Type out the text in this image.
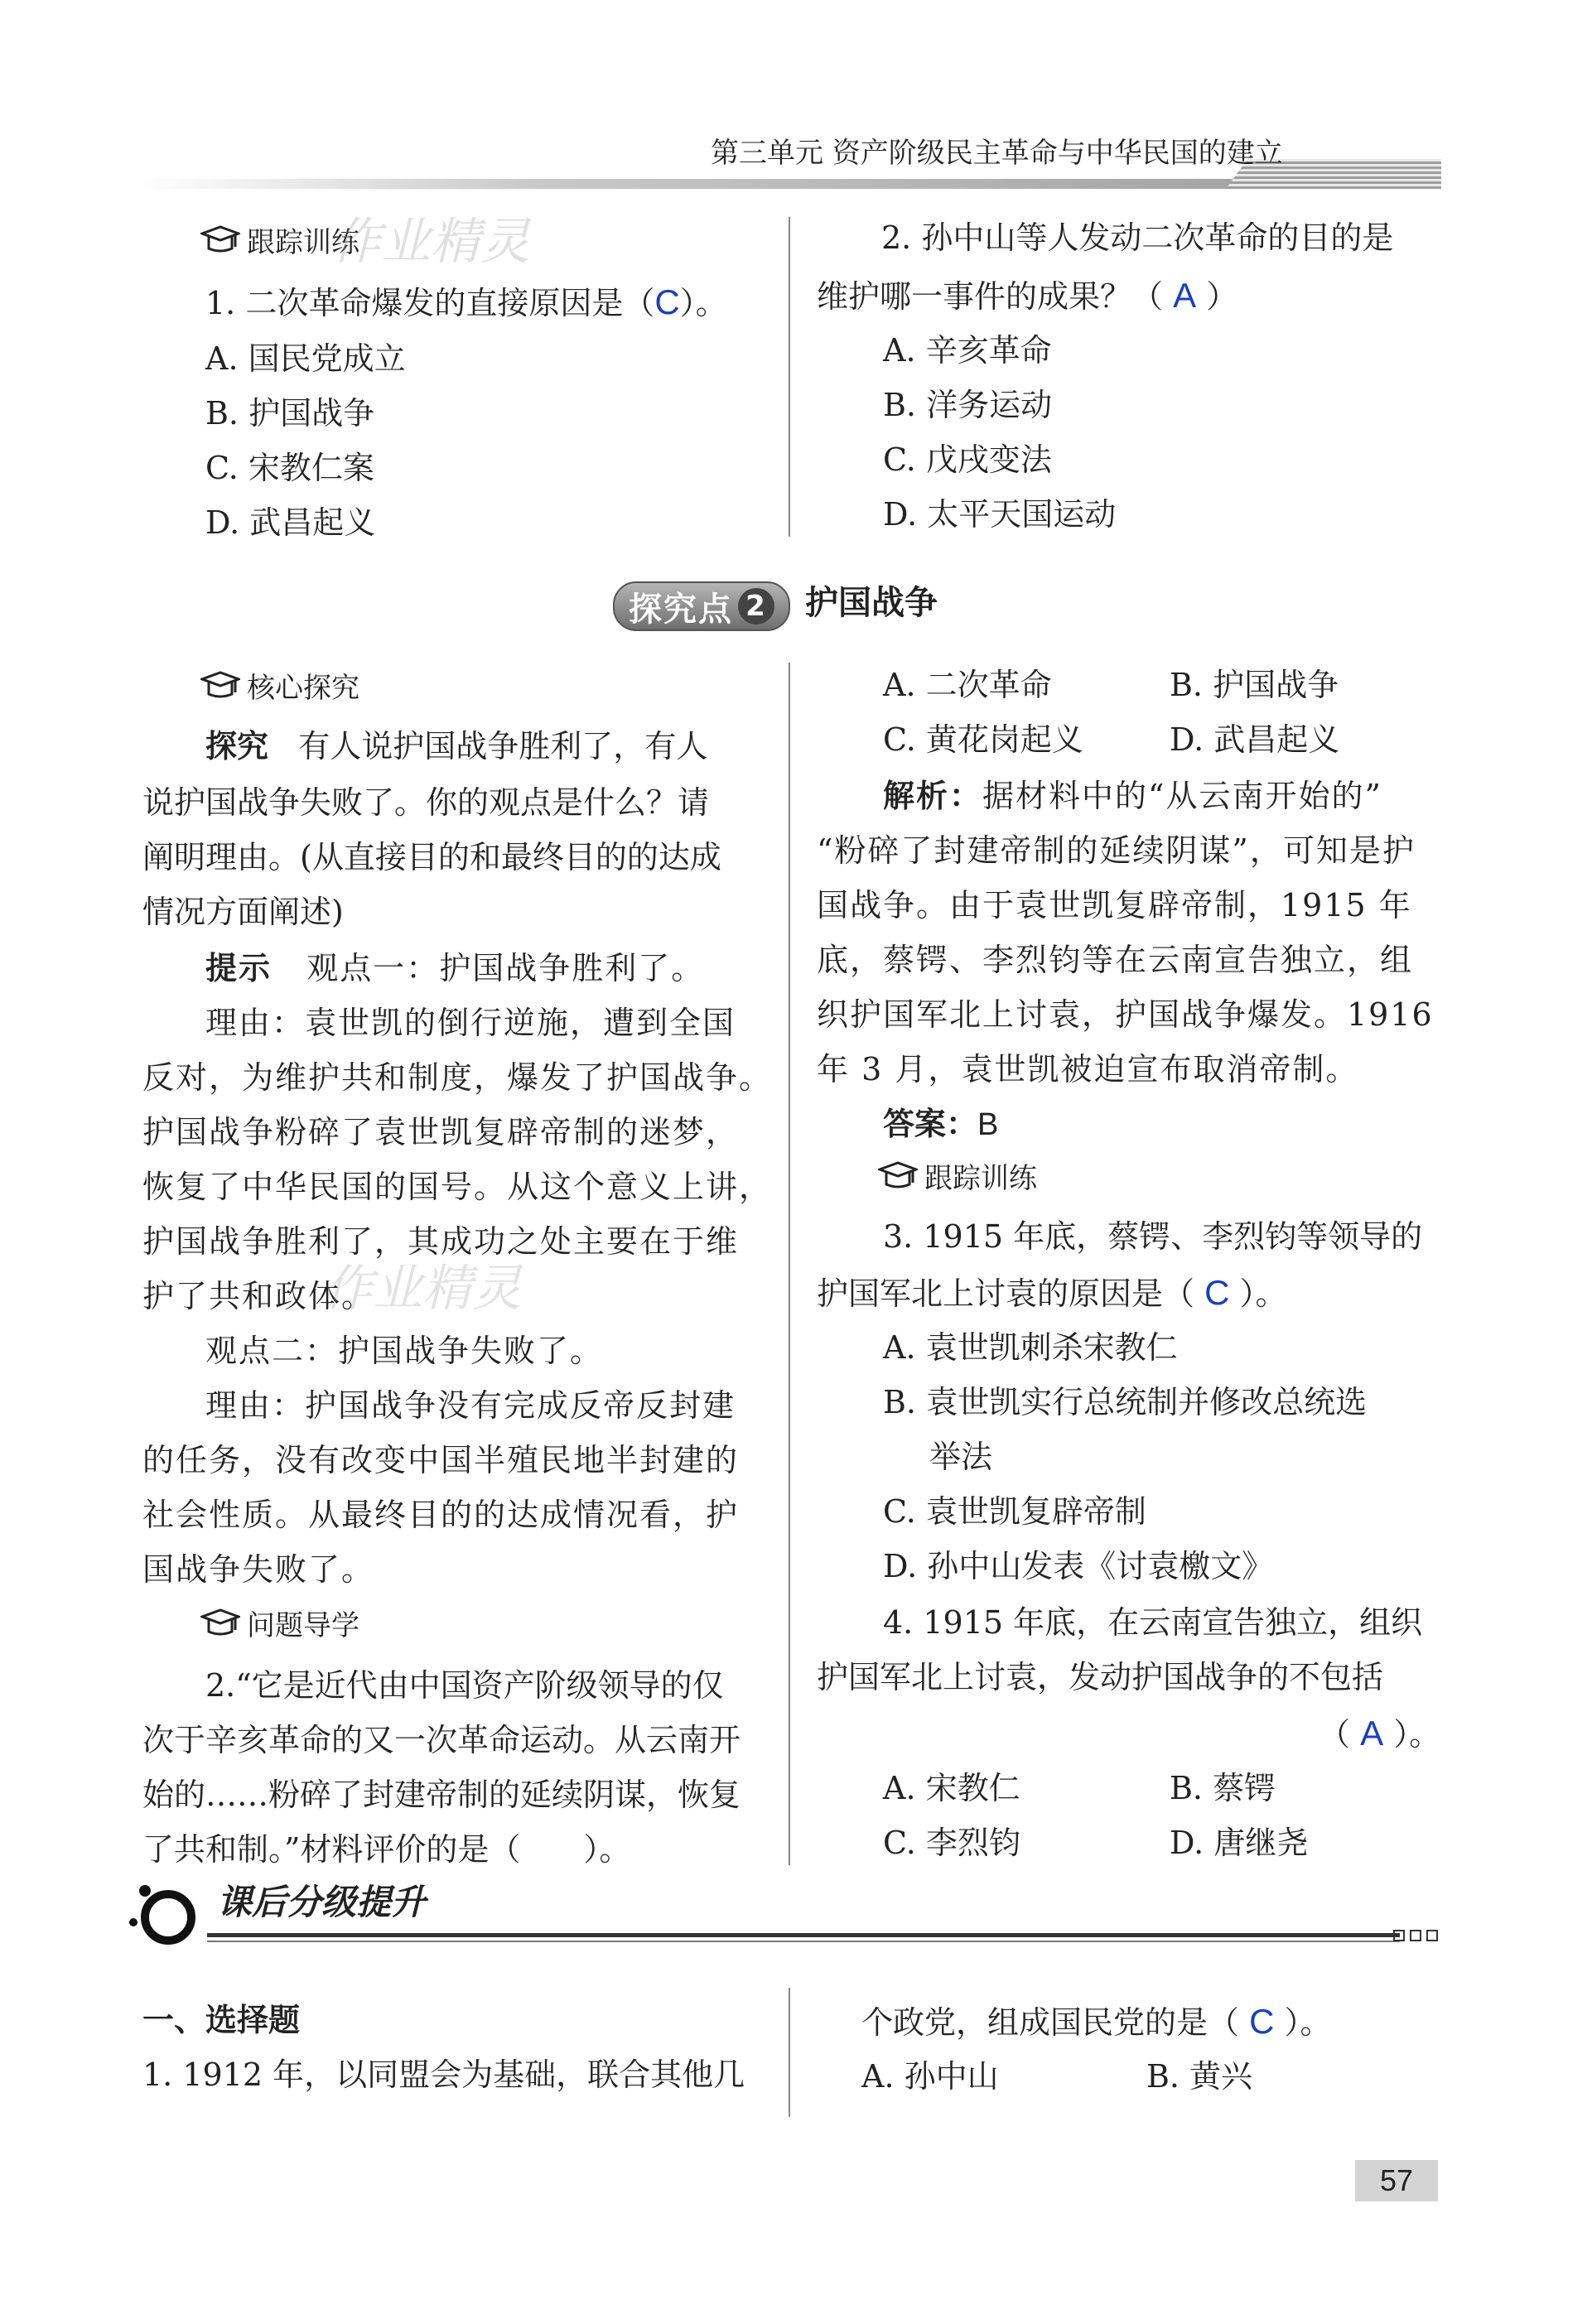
第三单元 资产阶级民主革命与中华民国的建立
跟踪训练
作业精灵
1. 二次革命爆发的直接原因是（C）。
A. 国民党成立
B. 护国战争
C. 宋教仁案
D. 武昌起义
2. 孙中山等人发动二次革命的目的是
维护哪一事件的成果？（ A ）
A. 辛亥革命
B. 洋务运动
C. 戊戌变法
D. 太平天国运动
探究点 2 护国战争
核心探究
探究 有人说护国战争胜利了，有人
说护国战争失败了。你的观点是什么？请
阐明理由。(从直接目的和最终目的的达成
情况方面阐述)
提示 观点一：护国战争胜利了。
理由：袁世凯的倒行逆施，遭到全国
反对，为维护共和制度，爆发了护国战争。
护国战争粉碎了袁世凯复辟帝制的迷梦，
恢复了中华民国的国号。从这个意义上讲，
护国战争胜利了，其成功之处主要在于维
护了共和政体。
作业精灵
观点二：护国战争失败了。
理由：护国战争没有完成反帝反封建
的任务，没有改变中国半殖民地半封建的
社会性质。从最终目的的达成情况看，护
国战争失败了。
问题导学
2.“它是近代由中国资产阶级领导的仅
次于辛亥革命的又一次革命运动。从云南开
始的……粉碎了封建帝制的延续阴谋，恢复
了共和制。”材料评价的是（　　）。
A. 二次革命	B. 护国战争
C. 黄花岗起义	D. 武昌起义
解析：据材料中的“从云南开始的”
“粉碎了封建帝制的延续阴谋”，可知是护
国战争。由于袁世凯复辟帝制，1915 年
底，蔡锷、李烈钧等在云南宣告独立，组
织护国军北上讨袁，护国战争爆发。1916
年 3 月，袁世凯被迫宣布取消帝制。
答案：B
跟踪训练
3. 1915 年底，蔡锷、李烈钧等领导的
护国军北上讨袁的原因是（ C ）。
A. 袁世凯刺杀宋教仁
B. 袁世凯实行总统制并修改总统选
举法
C. 袁世凯复辟帝制
D. 孙中山发表《讨袁檄文》
4. 1915 年底，在云南宣告独立，组织
护国军北上讨袁，发动护国战争的不包括
（ A ）。
A. 宋教仁	B. 蔡锷
C. 李烈钧	D. 唐继尧
课后分级提升
一、选择题
1. 1912 年，以同盟会为基础，联合其他几
个政党，组成国民党的是（ C ）。
A. 孙中山	B. 黄兴
57
